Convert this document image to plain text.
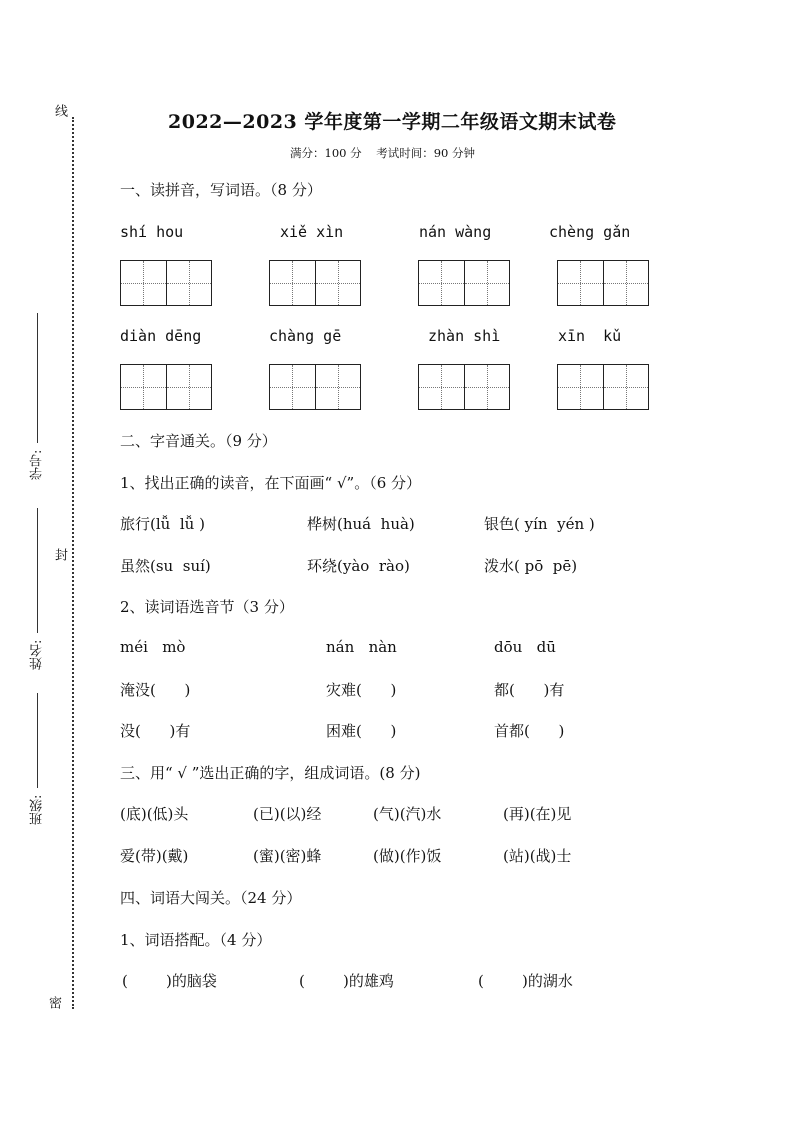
线
封
密
学号:
姓名:
班级:
2022—2023 学年度第一学期二年级语文期末试卷
满分：100 分    考试时间：90 分钟
一、读拼音，写词语。（8 分）
shí hou	xiě xìn	nán wàng	chèng gǎn
diàn dēng	chàng gē	zhàn shì	xīn  kǔ
二、字音通关。（9 分）
1、找出正确的读音，在下面画“ √”。（6 分）
旅行(lǚ  lǚ )	桦树(huá  huà)	银色( yín  yén )
虽然(su  suí)	环绕(yào  rào)	泼水( pō  pē)
2、读词语选音节（3 分）
méi   mò	nán   nàn	dōu   dū
淹没(      )	灾难(      )	都(      )有
没(      )有	困难(      )	首都(      )
三、用“ √ ”选出正确的字，组成词语。(8 分)
(底)(低)头	(已)(以)经	(气)(汽)水	(再)(在)见
爱(带)(戴)	(蜜)(密)蜂	(做)(作)饭	(站)(战)士
四、词语大闯关。（24 分）
1、词语搭配。（4 分）
(        )的脑袋	(        )的雄鸡	(        )的湖水
